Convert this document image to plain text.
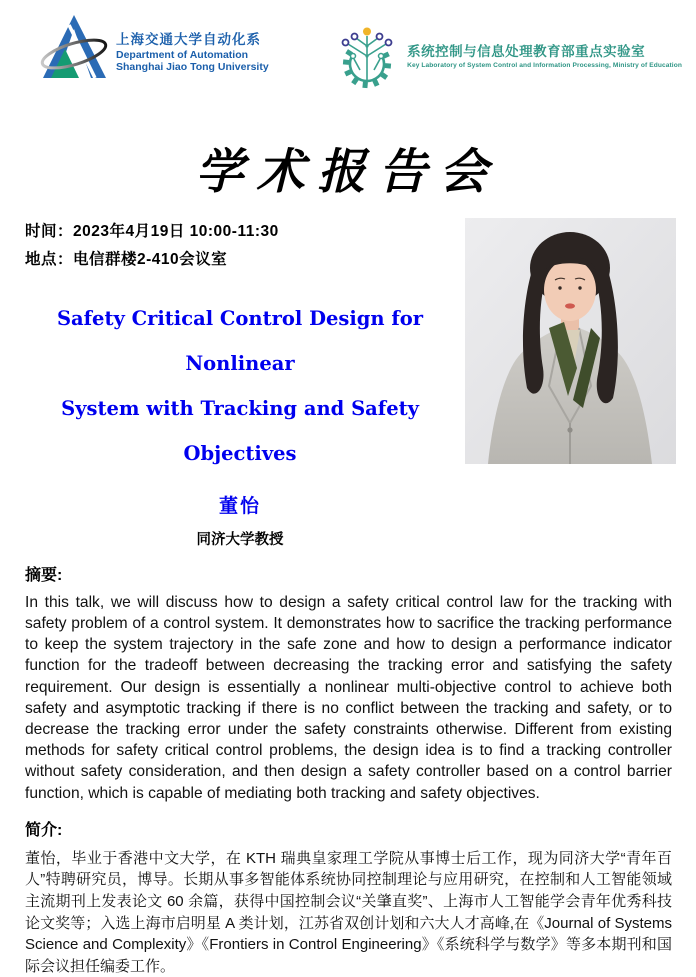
上海交通大学自动化系
Department of Automation
Shanghai Jiao Tong University
系统控制与信息处理教育部重点实验室
Key Laboratory of System Control and Information Processing, Ministry of Education
学术报告会
时间：2023年4月19日 10:00-11:30
地点：电信群楼2-410会议室
Safety Critical Control Design for Nonlinear
System with Tracking and Safety Objectives
董怡
同济大学教授
摘要:
In this talk, we will discuss how to design a safety critical control law for the tracking with safety problem of a control system. It demonstrates how to sacrifice the tracking performance to keep the system trajectory in the safe zone and how to design a performance indicator function for the tradeoff between decreasing the tracking error and satisfying the safety requirement. Our design is essentially a nonlinear multi-objective control to achieve both safety and asymptotic tracking if there is no conflict between the tracking and safety, or to decrease the tracking error under the safety constraints otherwise. Different from existing methods for safety critical control problems, the design idea is to find a tracking controller without safety consideration, and then design a safety controller based on a control barrier function, which is capable of mediating both tracking and safety objectives.
简介:
董怡，毕业于香港中文大学，在 KTH 瑞典皇家理工学院从事博士后工作，现为同济大学“青年百人”特聘研究员，博导。长期从事多智能体系统协同控制理论与应用研究，在控制和人工智能领域主流期刊上发表论文 60 余篇，获得中国控制会议“关肇直奖”、上海市人工智能学会青年优秀科技论文奖等；入选上海市启明星 A 类计划，江苏省双创计划和六大人才高峰,在《Journal of Systems Science and Complexity》《Frontiers in Control Engineering》《系统科学与数学》等多本期刊和国际会议担任编委工作。
